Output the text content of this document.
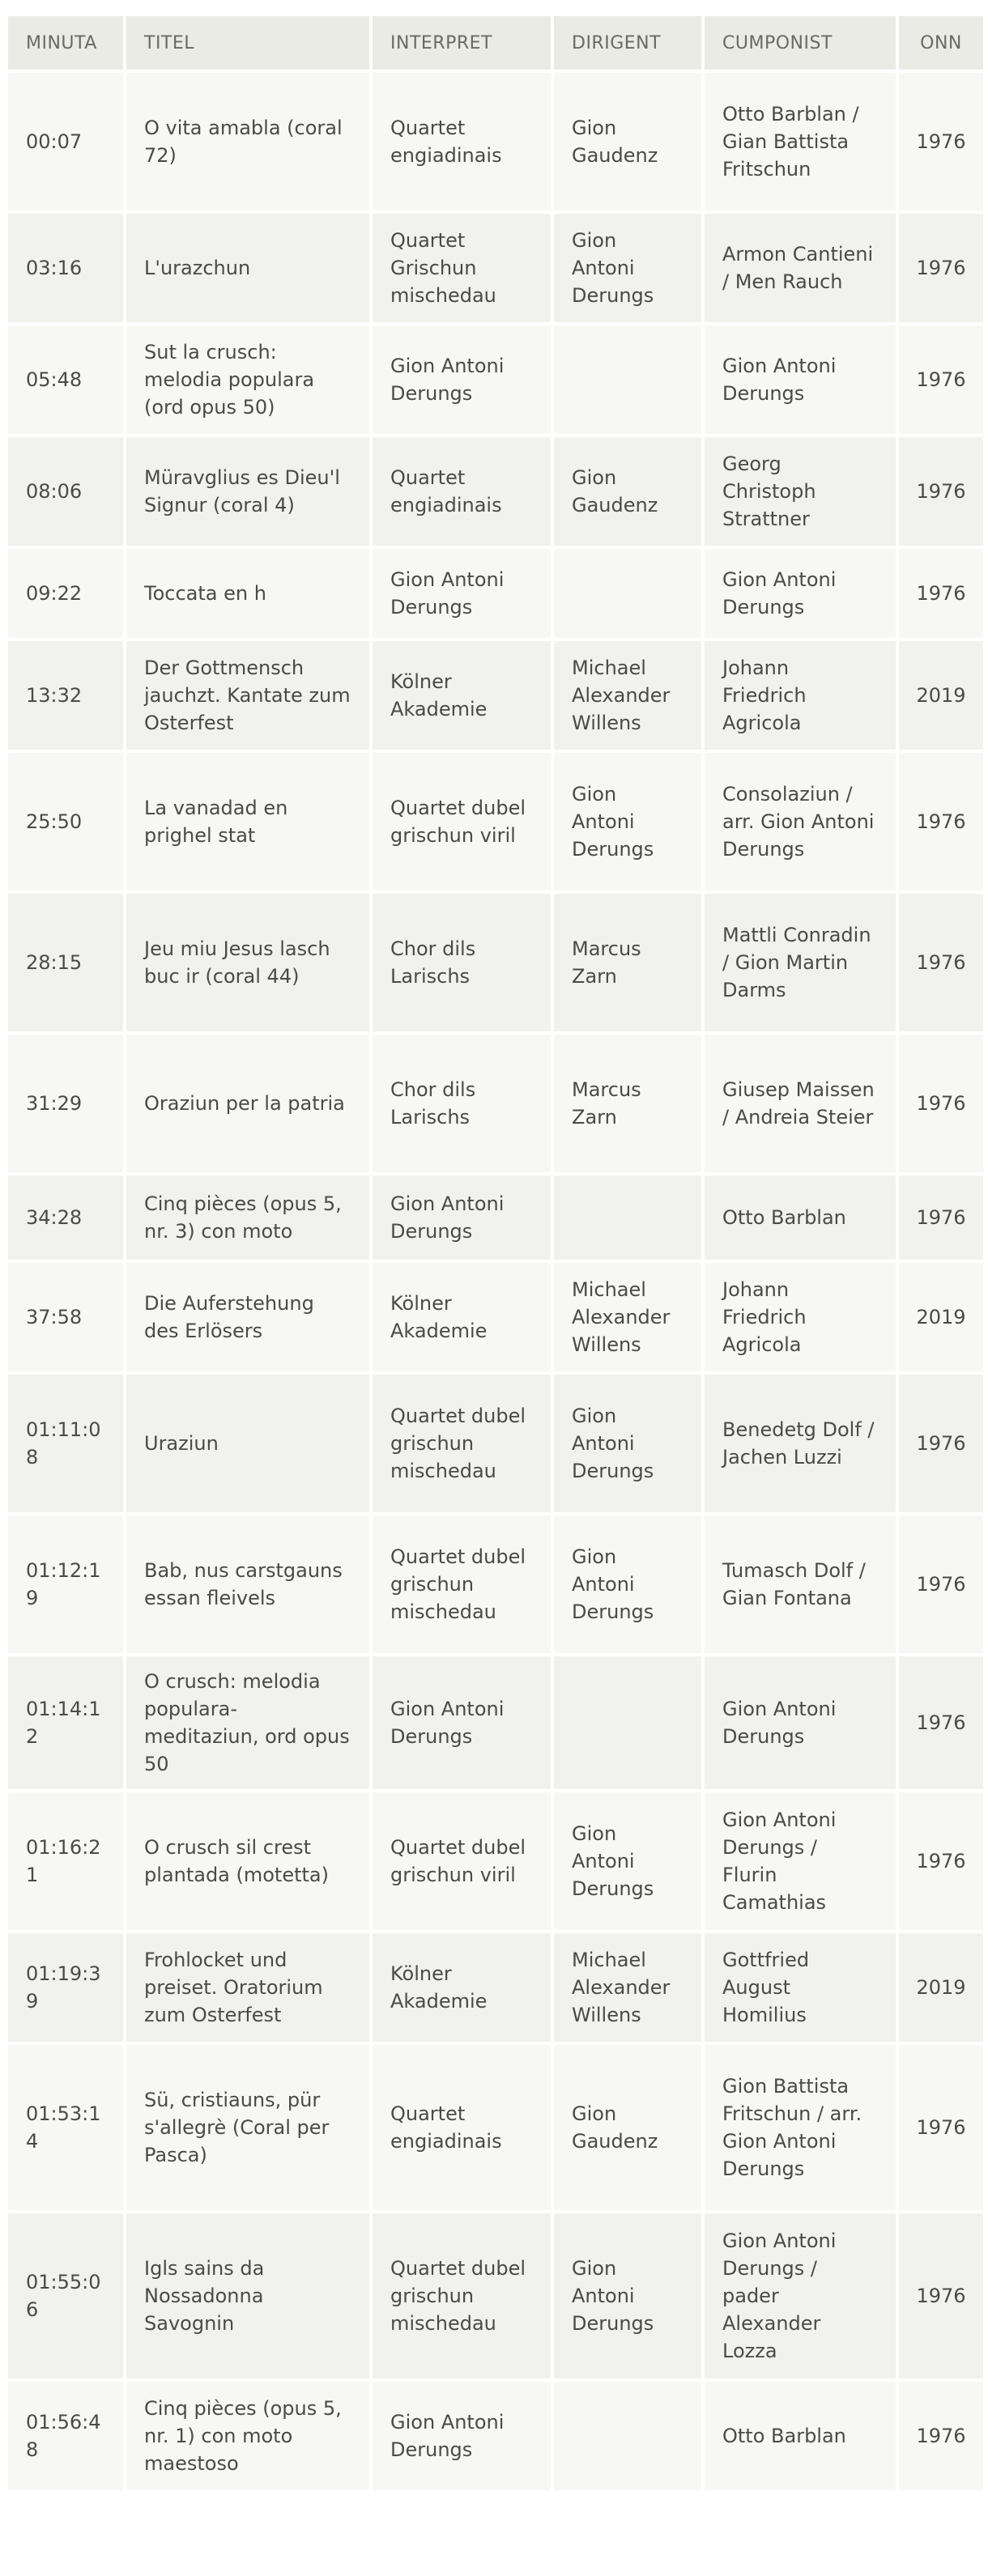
MINUTA	TITEL	INTERPRET	DIRIGENT	CUMPONIST	ONN
00:07	O vita amabla (coral 72)	Quartet engiadinais	Gion Gaudenz	Otto Barblan / Gian Battista Fritschun	1976
03:16	L'urazchun	Quartet Grischun mischedau	Gion Antoni Derungs	Armon Cantieni / Men Rauch	1976
05:48	Sut la crusch: melodia populara (ord opus 50)	Gion Antoni Derungs		Gion Antoni Derungs	1976
08:06	Müravglius es Dieu'l Signur (coral 4)	Quartet engiadinais	Gion Gaudenz	Georg Christoph Strattner	1976
09:22	Toccata en h	Gion Antoni Derungs		Gion Antoni Derungs	1976
13:32	Der Gottmensch jauchzt. Kantate zum Osterfest	Kölner Akademie	Michael Alexander Willens	Johann Friedrich Agricola	2019
25:50	La vanadad en prighel stat	Quartet dubel grischun viril	Gion Antoni Derungs	Consolaziun / arr. Gion Antoni Derungs	1976
28:15	Jeu miu Jesus lasch buc ir (coral 44)	Chor dils Larischs	Marcus Zarn	Mattli Conradin / Gion Martin Darms	1976
31:29	Oraziun per la patria	Chor dils Larischs	Marcus Zarn	Giusep Maissen / Andreia Steier	1976
34:28	Cinq pièces (opus 5, nr. 3) con moto	Gion Antoni Derungs		Otto Barblan	1976
37:58	Die Auferstehung des Erlösers	Kölner Akademie	Michael Alexander Willens	Johann Friedrich Agricola	2019
01:11:08	Uraziun	Quartet dubel grischun mischedau	Gion Antoni Derungs	Benedetg Dolf / Jachen Luzzi	1976
01:12:19	Bab, nus carstgauns essan fleivels	Quartet dubel grischun mischedau	Gion Antoni Derungs	Tumasch Dolf / Gian Fontana	1976
01:14:12	O crusch: melodia populara-meditaziun, ord opus 50	Gion Antoni Derungs		Gion Antoni Derungs	1976
01:16:21	O crusch sil crest plantada (motetta)	Quartet dubel grischun viril	Gion Antoni Derungs	Gion Antoni Derungs / Flurin Camathias	1976
01:19:39	Frohlocket und preiset. Oratorium zum Osterfest	Kölner Akademie	Michael Alexander Willens	Gottfried August Homilius	2019
01:53:14	Sü, cristiauns, pür s'allegrè (Coral per Pasca)	Quartet engiadinais	Gion Gaudenz	Gion Battista Fritschun / arr. Gion Antoni Derungs	1976
01:55:06	Igls sains da Nossadonna Savognin	Quartet dubel grischun mischedau	Gion Antoni Derungs	Gion Antoni Derungs / pader Alexander Lozza	1976
01:56:48	Cinq pièces (opus 5, nr. 1) con moto maestoso	Gion Antoni Derungs		Otto Barblan	1976
